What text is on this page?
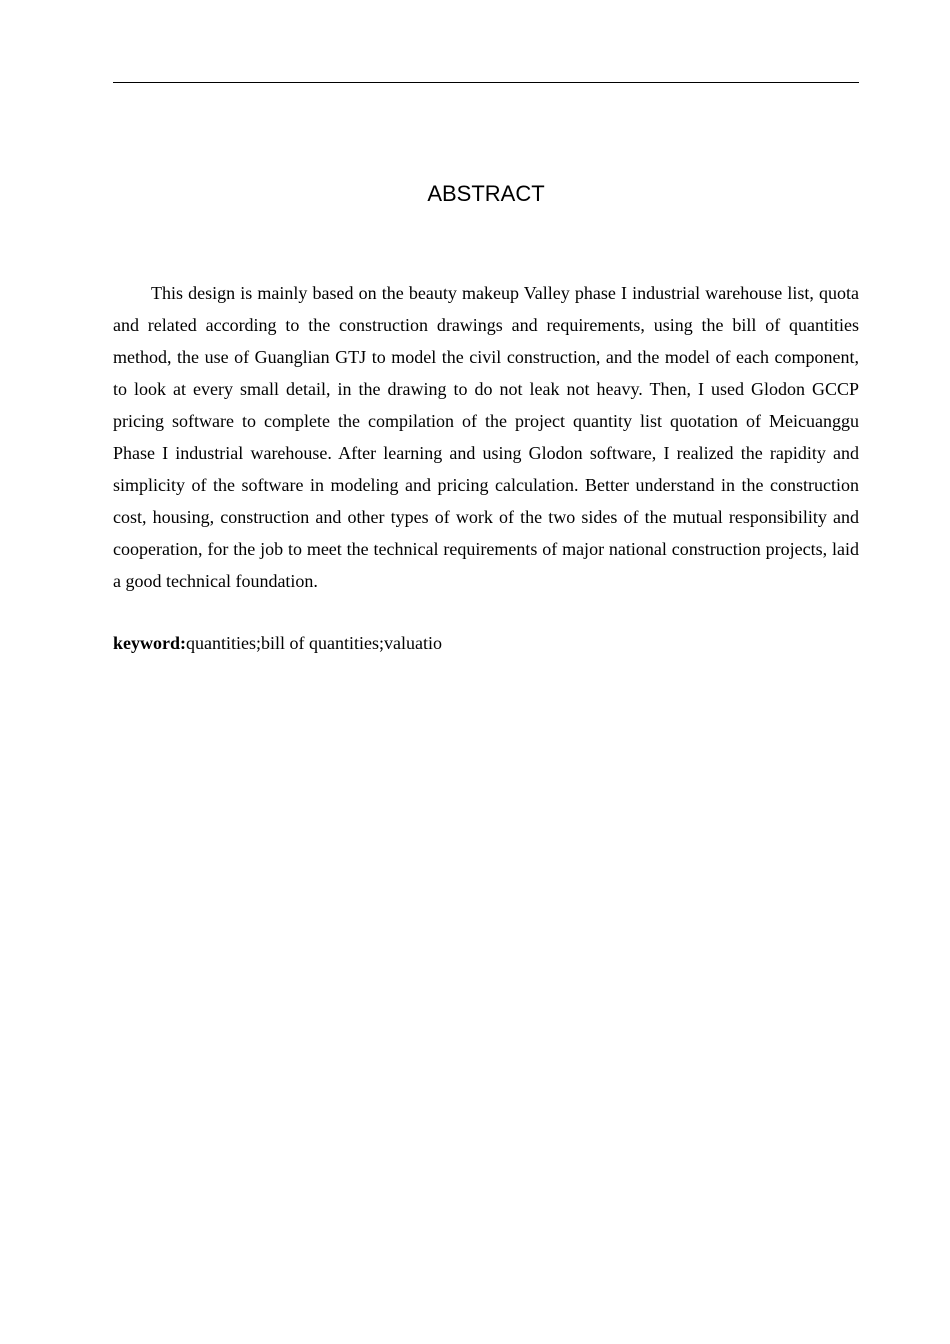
ABSTRACT

This design is mainly based on the beauty makeup Valley phase I industrial warehouse list, quota and related according to the construction drawings and requirements, using the bill of quantities method, the use of Guanglian GTJ to model the civil construction, and the model of each component, to look at every small detail, in the drawing to do not leak not heavy. Then, I used Glodon GCCP pricing software to complete the compilation of the project quantity list quotation of Meicuanggu Phase I industrial warehouse. After learning and using Glodon software, I realized the rapidity and simplicity of the software in modeling and pricing calculation. Better understand in the construction cost, housing, construction and other types of work of the two sides of the mutual responsibility and cooperation, for the job to meet the technical requirements of major national construction projects, laid a good technical foundation.

keyword:quantities;bill of quantities;valuatio
